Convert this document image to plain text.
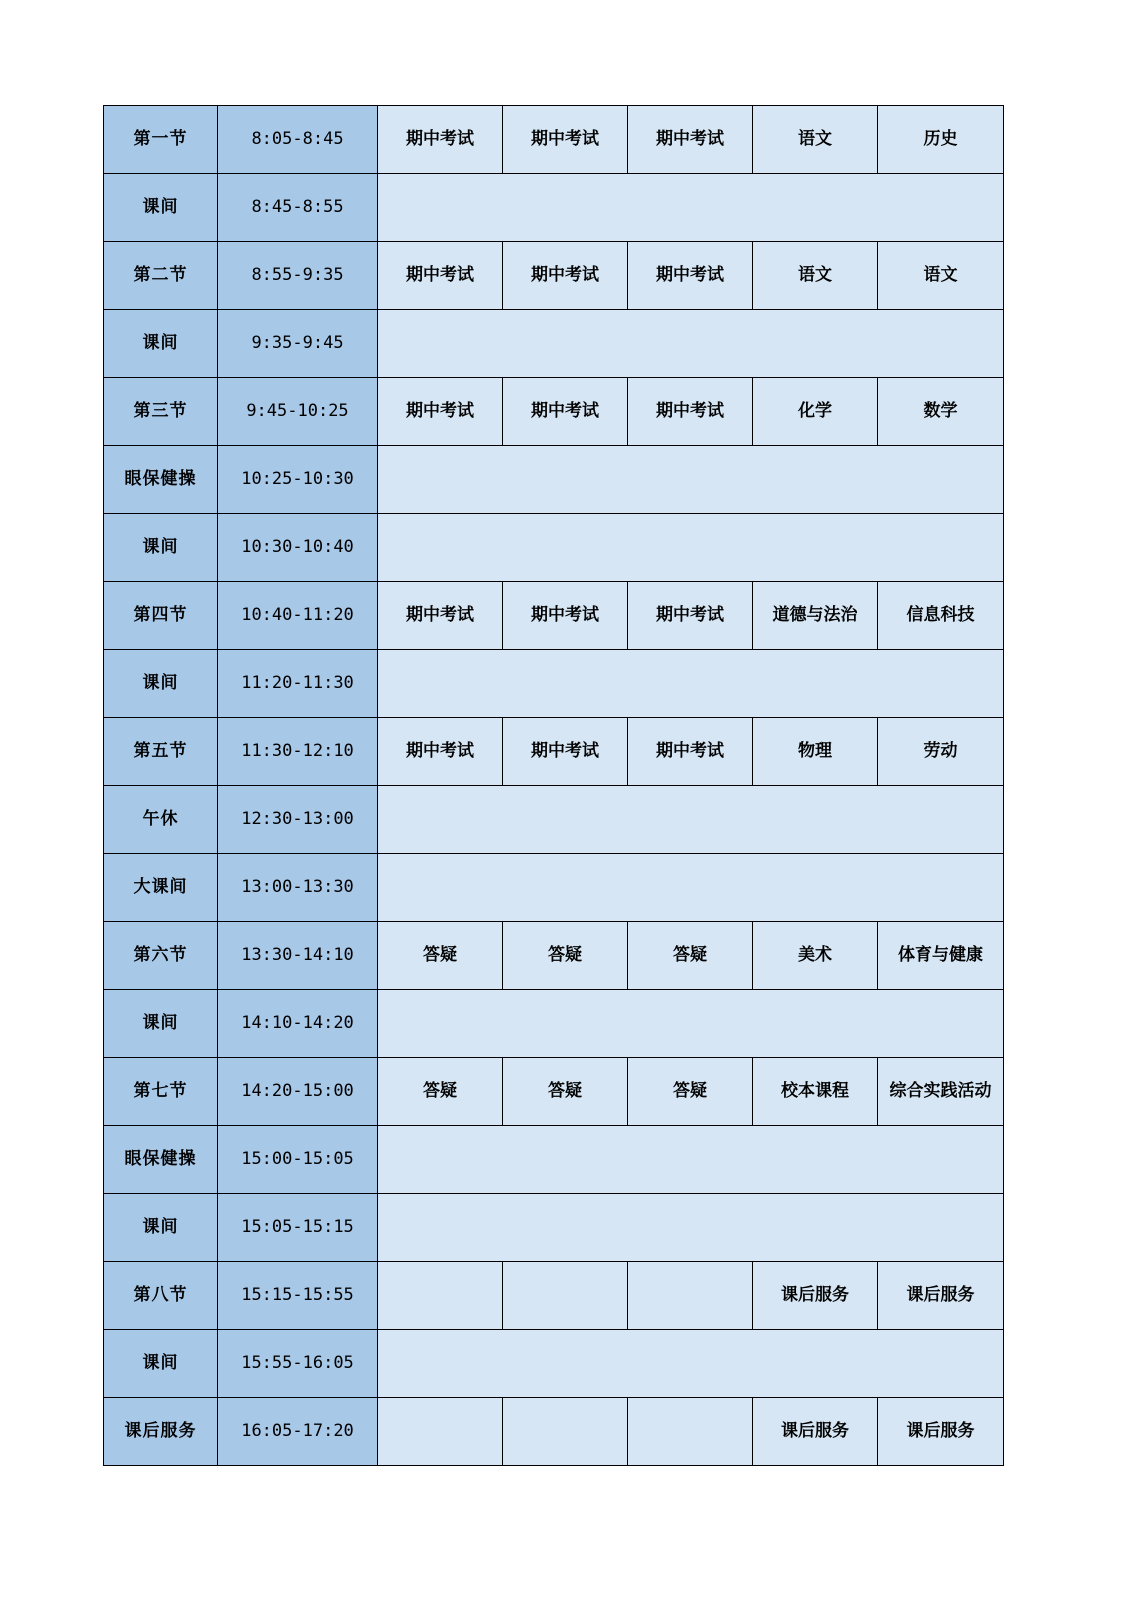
第一节	8:05-8:45	期中考试	期中考试	期中考试	语文	历史
课间	8:45-8:55					
第二节	8:55-9:35	期中考试	期中考试	期中考试	语文	语文
课间	9:35-9:45					
第三节	9:45-10:25	期中考试	期中考试	期中考试	化学	数学
眼保健操	10:25-10:30					
课间	10:30-10:40					
第四节	10:40-11:20	期中考试	期中考试	期中考试	道德与法治	信息科技
课间	11:20-11:30					
第五节	11:30-12:10	期中考试	期中考试	期中考试	物理	劳动
午休	12:30-13:00					
大课间	13:00-13:30					
第六节	13:30-14:10	答疑	答疑	答疑	美术	体育与健康
课间	14:10-14:20					
第七节	14:20-15:00	答疑	答疑	答疑	校本课程	综合实践活动
眼保健操	15:00-15:05					
课间	15:05-15:15					
第八节	15:15-15:55				课后服务	课后服务
课间	15:55-16:05					
课后服务	16:05-17:20				课后服务	课后服务
